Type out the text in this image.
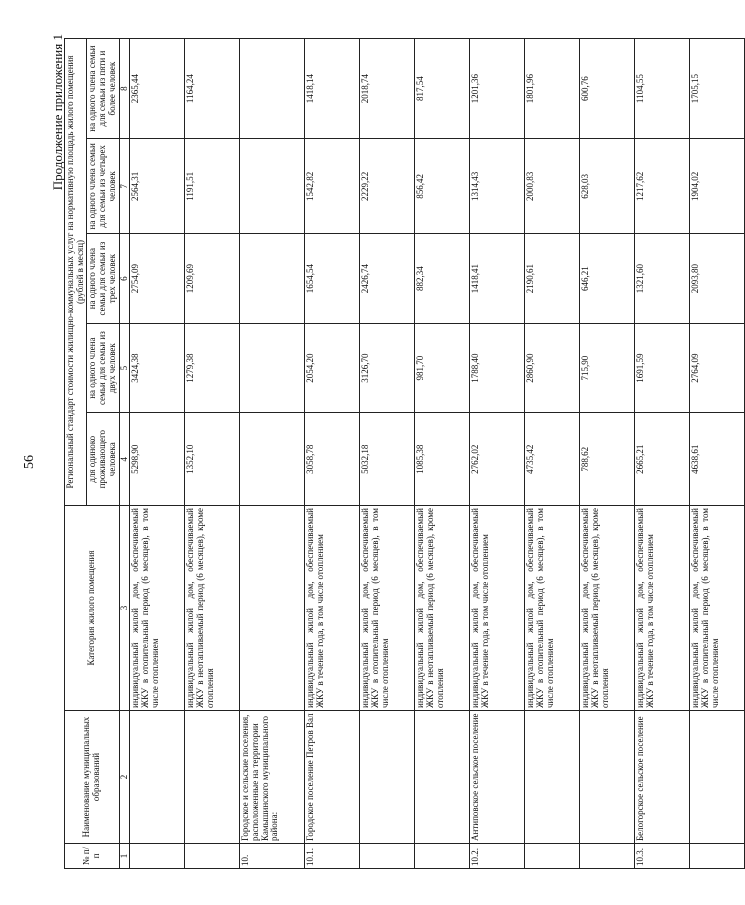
56
Продолжение приложения 1
№ п/п	Наименование муниципальных образований	Категория жилого помещения	Региональный стандарт стоимости жилищно-коммунальных услуг на нормативную площадь жилого помещения (рублей в месяц)				
			для одиноко проживающего человека	на одного члена семьи для семьи из двух человек	на одного члена семьи для семьи из трех человек	на одного члена семьи для семьи из четырех человек	на одного члена семьи для семьи из пяти и более человек
1	2	3	4	5	6	7	8
		индивидуальный жилой дом, обеспечиваемый ЖКУ в отопительный период (6 месяцев), в том числе отоплением	5298,90	3424,38	2754,09	2564,31	2365,44
		индивидуальный жилой дом, обеспечиваемый ЖКУ в неотапливаемый период (6 месяцев), кроме отопления	1352,10	1279,38	1209,69	1191,51	1164,24
10.	Городское и сельские поселения, расположенные на территории Камышинского муниципального района:						
10.1.	Городское поселение Петров Вал	индивидуальный жилой дом, обеспечиваемый ЖКУ в течение года, в том числе отоплением	3058,78	2054,20	1654,54	1542,82	1418,14
		индивидуальный жилой дом, обеспечиваемый ЖКУ в отопительный период (6 месяцев), в том числе отоплением	5032,18	3126,70	2426,74	2229,22	2018,74
		индивидуальный жилой дом, обеспечиваемый ЖКУ в неотапливаемый период (6 месяцев), кроме отопления	1085,38	981,70	882,34	856,42	817,54
10.2.	Антиповское сельское поселение	индивидуальный жилой дом, обеспечиваемый ЖКУ в течение года, в том числе отоплением	2762,02	1788,40	1418,41	1314,43	1201,36
		индивидуальный жилой дом, обеспечиваемый ЖКУ в отопительный период (6 месяцев), в том числе отоплением	4735,42	2860,90	2190,61	2000,83	1801,96
		индивидуальный жилой дом, обеспечиваемый ЖКУ в неотапливаемый период (6 месяцев), кроме отопления	788,62	715,90	646,21	628,03	600,76
10.3.	Белогорское сельское поселение	индивидуальный жилой дом, обеспечиваемый ЖКУ в течение года, в том числе отоплением	2665,21	1691,59	1321,60	1217,62	1104,55
		индивидуальный жилой дом, обеспечиваемый ЖКУ в отопительный период (6 месяцев), в том числе отоплением	4638,61	2764,09	2093,80	1904,02	1705,15
